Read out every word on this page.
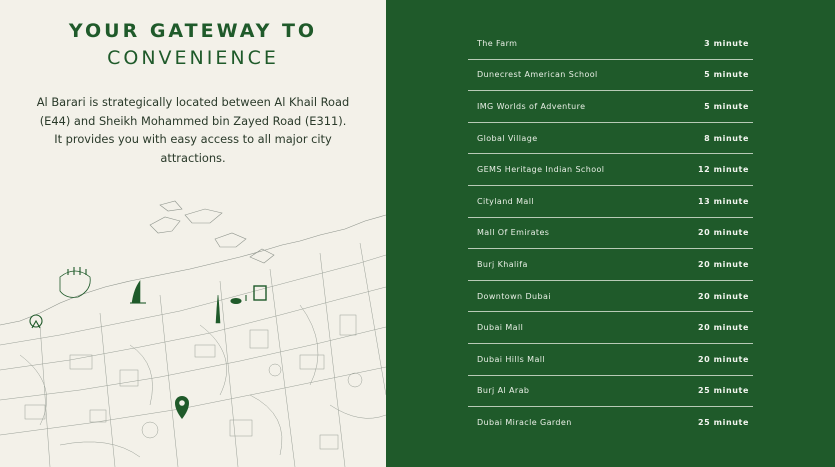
YOUR GATEWAY TO
CONVENIENCE

Al Barari is strategically located between Al Khail Road (E44) and Sheikh Mohammed bin Zayed Road (E311). It provides you with easy access to all major city attractions.

The Farm	3 minute
Dunecrest American School	5 minute
IMG Worlds of Adventure	5 minute
Global Village	8 minute
GEMS Heritage Indian School	12 minute
Cityland Mall	13 minute
Mall Of Emirates	20 minute
Burj Khalifa	20 minute
Downtown Dubai	20 minute
Dubai Mall	20 minute
Dubai Hills Mall	20 minute
Burj Al Arab	25 minute
Dubai Miracle Garden	25 minute
